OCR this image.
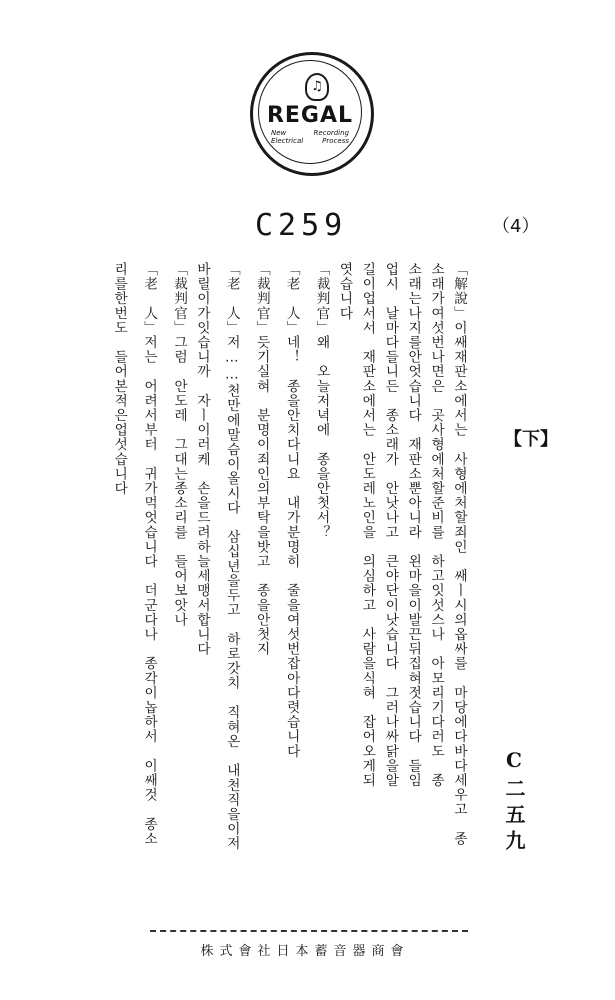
♫
REGAL
New
Electrical
Recording
Process
C259	（4）
【下】
C二五九
「解說」이쌔재판소에서는　사형에처할죄인　쌔ㅣ시의옵싸를　마당에다바다세우고　종
소래가여섯번나면은　곳사형에처할준비를　하고잇섯스나　아모리기다러도　종
소래는나지를안엇습니다　재판소뿐아니라　왼마을이발끈뒤집혀젓습니다　들임
업시　날마다들니든　종소래가　안낫나고　큰야단이낫습니다　그러나싸닭을알
길이업서서　재판소에서는　안도레노인을　의심하고　사람을식혀　잡어오게되
엿습니다
「裁判官」왜　오늘저녁에　종을안첫서？
「老　人」네！　종을안치다니요　내가분명히　줄을여섯번잡아다렷습니다
「裁判官」듯기실혀　분명이죄인의부탁을밧고　종을안첫지
「老　人」저……천만에말슴이올시다　삼십년을두고　하로갓치　직혀온　내천직을이저
바릴이가잇습니까　자ㅣ이러케　손을드려하늘세맹서합니다
「裁判官」그럼　안도레　그대는종소리를　들어보앗나
「老　人」저는　어려서부터　귀가먹엇습니다　더군다나　종각이놉하서　이쌔것　종소
리를한번도　들어본적은업섯습니다
株式會社日本蓄音器商會
